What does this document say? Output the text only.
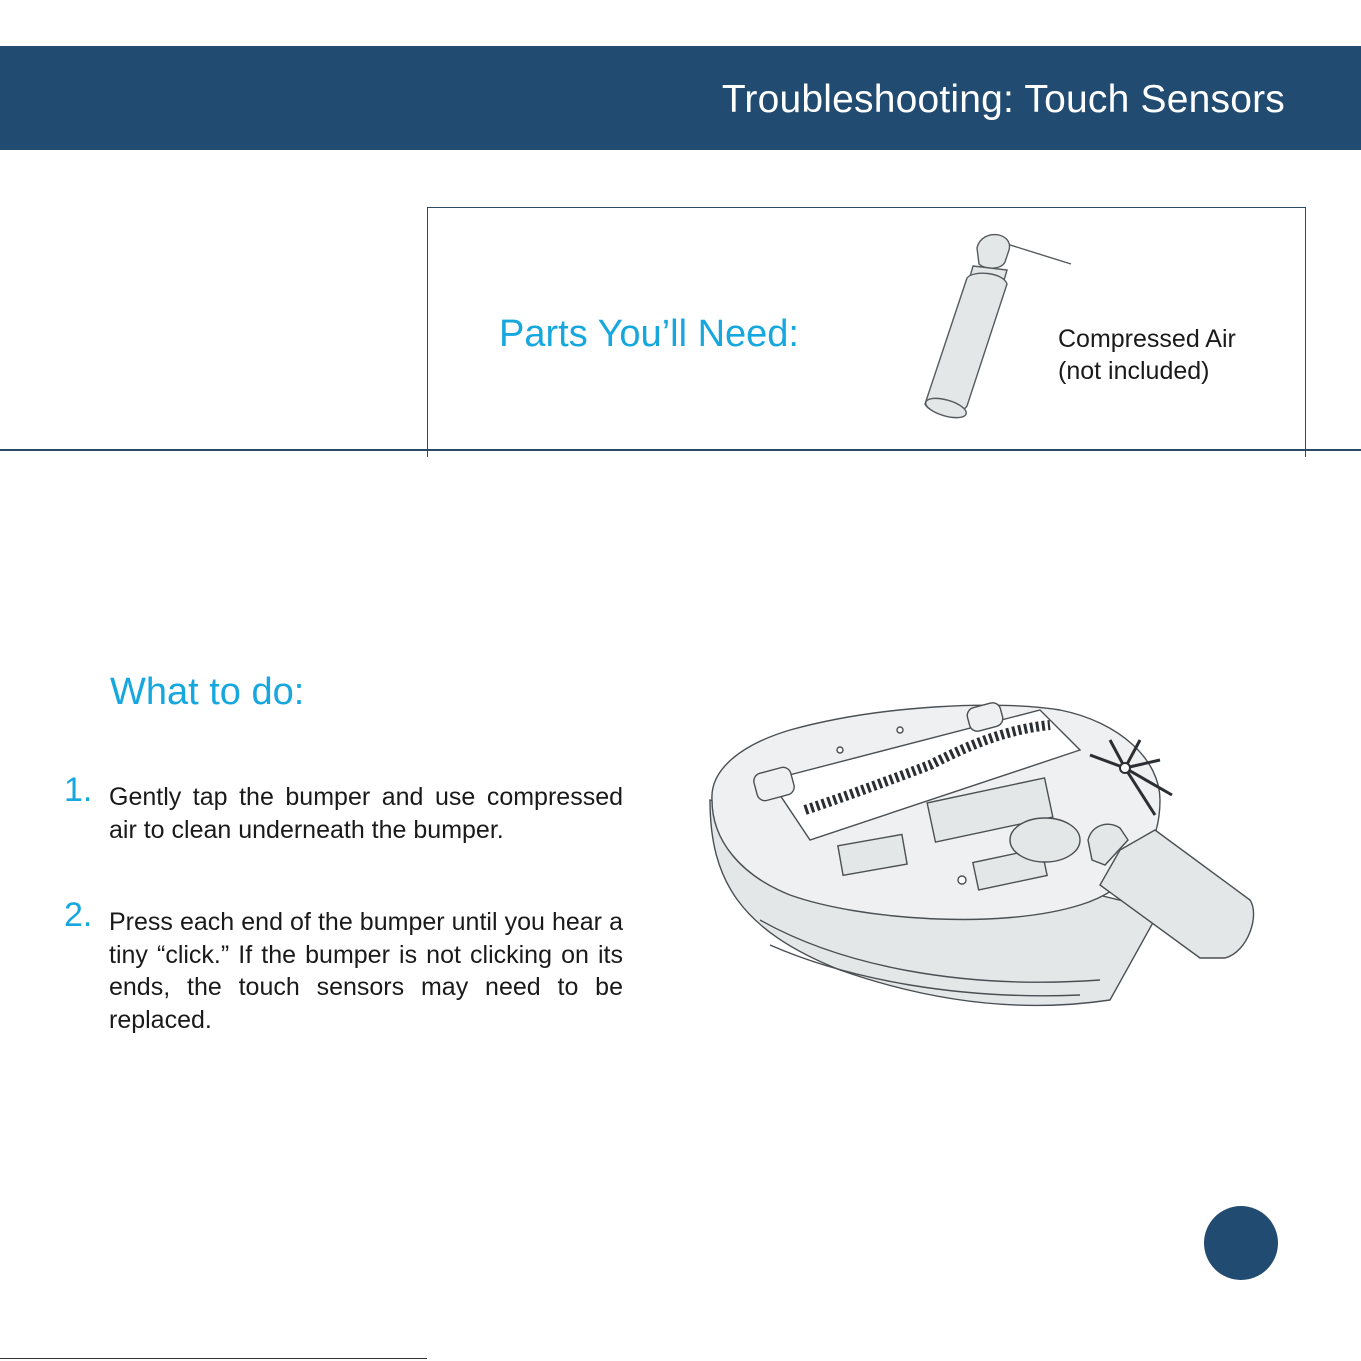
Troubleshooting: Touch Sensors
Parts You’ll Need:	Compressed Air
(not included)
What to do:
1. Gently tap the bumper and use compressed air to clean underneath the bumper.

2. Press each end of the bumper until you hear a tiny “click.” If the bumper is not clicking on its ends, the touch sensors may need to be replaced.
